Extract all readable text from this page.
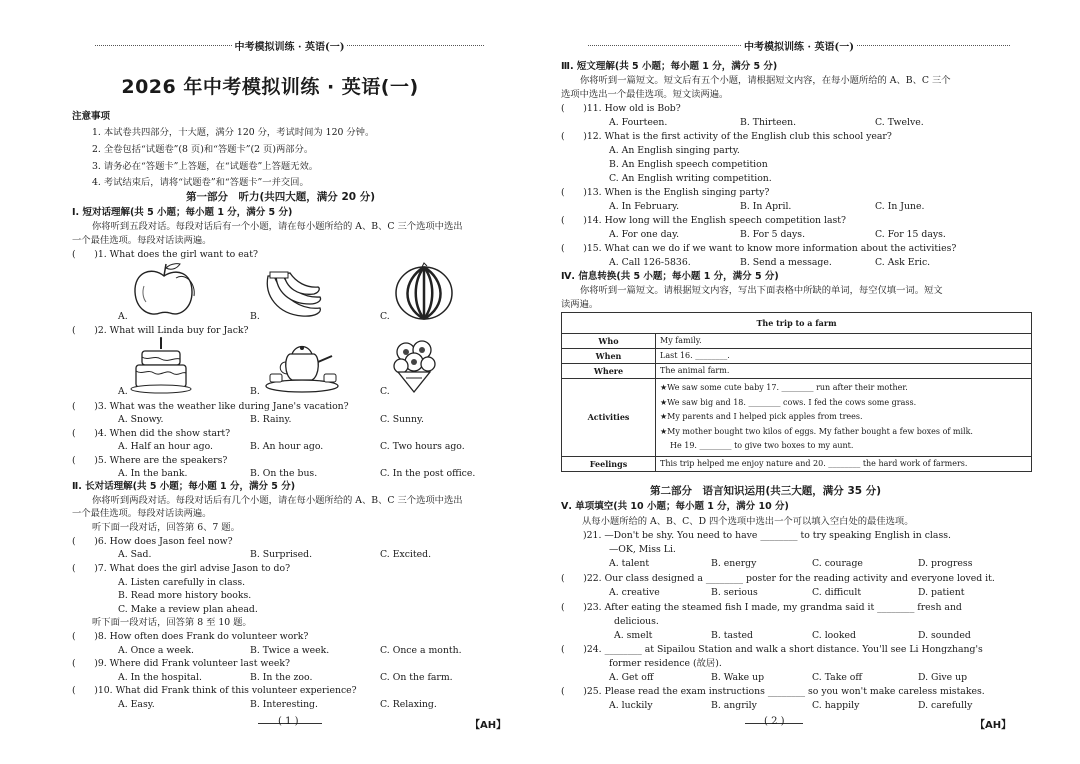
中考模拟训练 · 英语(一)
2026 年中考模拟训练 · 英语(一)
注意事项
1. 本试卷共四部分，十大题，满分 120 分，考试时间为 120 分钟。
2. 全卷包括“试题卷”(8 页)和“答题卡”(2 页)两部分。
3. 请务必在“答题卡”上答题，在“试题卷”上答题无效。
4. 考试结束后，请将“试题卷”和“答题卡”一并交回。
第一部分　听力(共四大题，满分 20 分)
Ⅰ. 短对话理解(共 5 小题；每小题 1 分，满分 5 分)
你将听到五段对话。每段对话后有一个小题，请在每小题所给的 A、B、C 三个选项中选出
一个最佳选项。每段对话读两遍。
(　　)1. What does the girl want to eat?
A.	B.	C.
(　　)2. What will Linda buy for Jack?
A.	B.	C.
(　　)3. What was the weather like during Jane's vacation?
A. Snowy.	B. Rainy.	C. Sunny.
(　　)4. When did the show start?
A. Half an hour ago.	B. An hour ago.	C. Two hours ago.
(　　)5. Where are the speakers?
A. In the bank.	B. On the bus.	C. In the post office.
Ⅱ. 长对话理解(共 5 小题；每小题 1 分，满分 5 分)
你将听到两段对话。每段对话后有几个小题，请在每小题所给的 A、B、C 三个选项中选出
一个最佳选项。每段对话读两遍。
听下面一段对话，回答第 6、7 题。
(　　)6. How does Jason feel now?
A. Sad.	B. Surprised.	C. Excited.
(　　)7. What does the girl advise Jason to do?
A. Listen carefully in class.
B. Read more history books.
C. Make a review plan ahead.
听下面一段对话，回答第 8 至 10 题。
(　　)8. How often does Frank do volunteer work?
A. Once a week.	B. Twice a week.	C. Once a month.
(　　)9. Where did Frank volunteer last week?
A. In the hospital.	B. In the zoo.	C. On the farm.
(　　)10. What did Frank think of this volunteer experience?
A. Easy.	B. Interesting.	C. Relaxing.
( 1 )	【AH】
中考模拟训练 · 英语(一)
Ⅲ. 短文理解(共 5 小题；每小题 1 分，满分 5 分)
你将听到一篇短文。短文后有五个小题，请根据短文内容，在每小题所给的 A、B、C 三个
选项中选出一个最佳选项。短文读两遍。
(　　)11. How old is Bob?
A. Fourteen.	B. Thirteen.	C. Twelve.
(　　)12. What is the first activity of the English club this school year?
A. An English singing party.
B. An English speech competition
C. An English writing competition.
(　　)13. When is the English singing party?
A. In February.	B. In April.	C. In June.
(　　)14. How long will the English speech competition last?
A. For one day.	B. For 5 days.	C. For 15 days.
(　　)15. What can we do if we want to know more information about the activities?
A. Call 126-5836.	B. Send a message.	C. Ask Eric.
Ⅳ. 信息转换(共 5 小题；每小题 1 分，满分 5 分)
你将听到一篇短文。请根据短文内容，写出下面表格中所缺的单词，每空仅填一词。短文
读两遍。
The trip to a farm	
Who	My family.
When	Last 16. ________.
Where	The animal farm.
Activities	★We saw some cute baby 17. ________ run after their mother.
★We saw big and 18. ________ cows. I fed the cows some grass.
★My parents and I helped pick apples from trees.
★My mother bought two kilos of eggs. My father bought a few boxes of milk.
He 19. ________ to give two boxes to my aunt.

Feelings	This trip helped me enjoy nature and 20. ________ the hard work of farmers.
第二部分　语言知识运用(共三大题，满分 35 分)
Ⅴ. 单项填空(共 10 小题；每小题 1 分，满分 10 分)
从每小题所给的 A、B、C、D 四个选项中选出一个可以填入空白处的最佳选项。
)21. —Don't be shy. You need to have ________ to try speaking English in class.
—OK, Miss Li.
A. talent	B. energy	C. courage	D. progress
(　　)22. Our class designed a ________ poster for the reading activity and everyone loved it.
A. creative	B. serious	C. difficult	D. patient
(　　)23. After eating the steamed fish I made, my grandma said it ________ fresh and
delicious.
A. smelt	B. tasted	C. looked	D. sounded
(　　)24. ________ at Sipailou Station and walk a short distance. You'll see Li Hongzhang's
former residence (故居).
A. Get off	B. Wake up	C. Take off	D. Give up
(　　)25. Please read the exam instructions ________ so you won't make careless mistakes.
A. luckily	B. angrily	C. happily	D. carefully
( 2 )	【AH】
